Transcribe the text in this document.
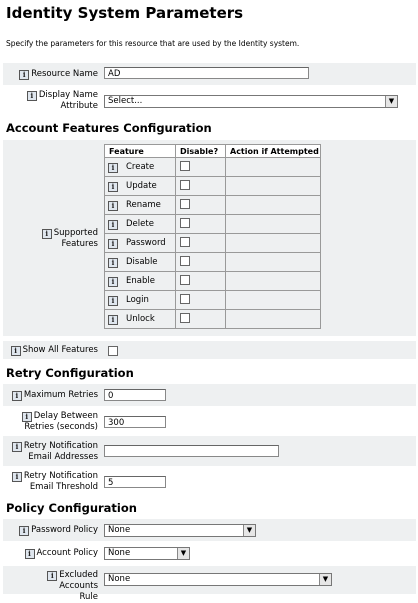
Identity System Parameters
Specify the parameters for this resource that are used by the Identity system.
i Resource Name	AD
i Display Name
Attribute	Select...	▼
Account Features Configuration
i Supported
Features
Feature	Disable?	Action if Attempted
i Create		
i Update		
i Rename		
i Delete		
i Password		
i Disable		
i Enable		
i Login		
i Unlock		
i Show All Features
Retry Configuration
i Maximum Retries	0
i Delay Between
Retries (seconds)	300
i Retry Notification
Email Addresses
i Retry Notification
Email Threshold	5
Policy Configuration
i Password Policy	None	▼
i Account Policy	None	▼
i Excluded Accounts
Rule
None	▼
